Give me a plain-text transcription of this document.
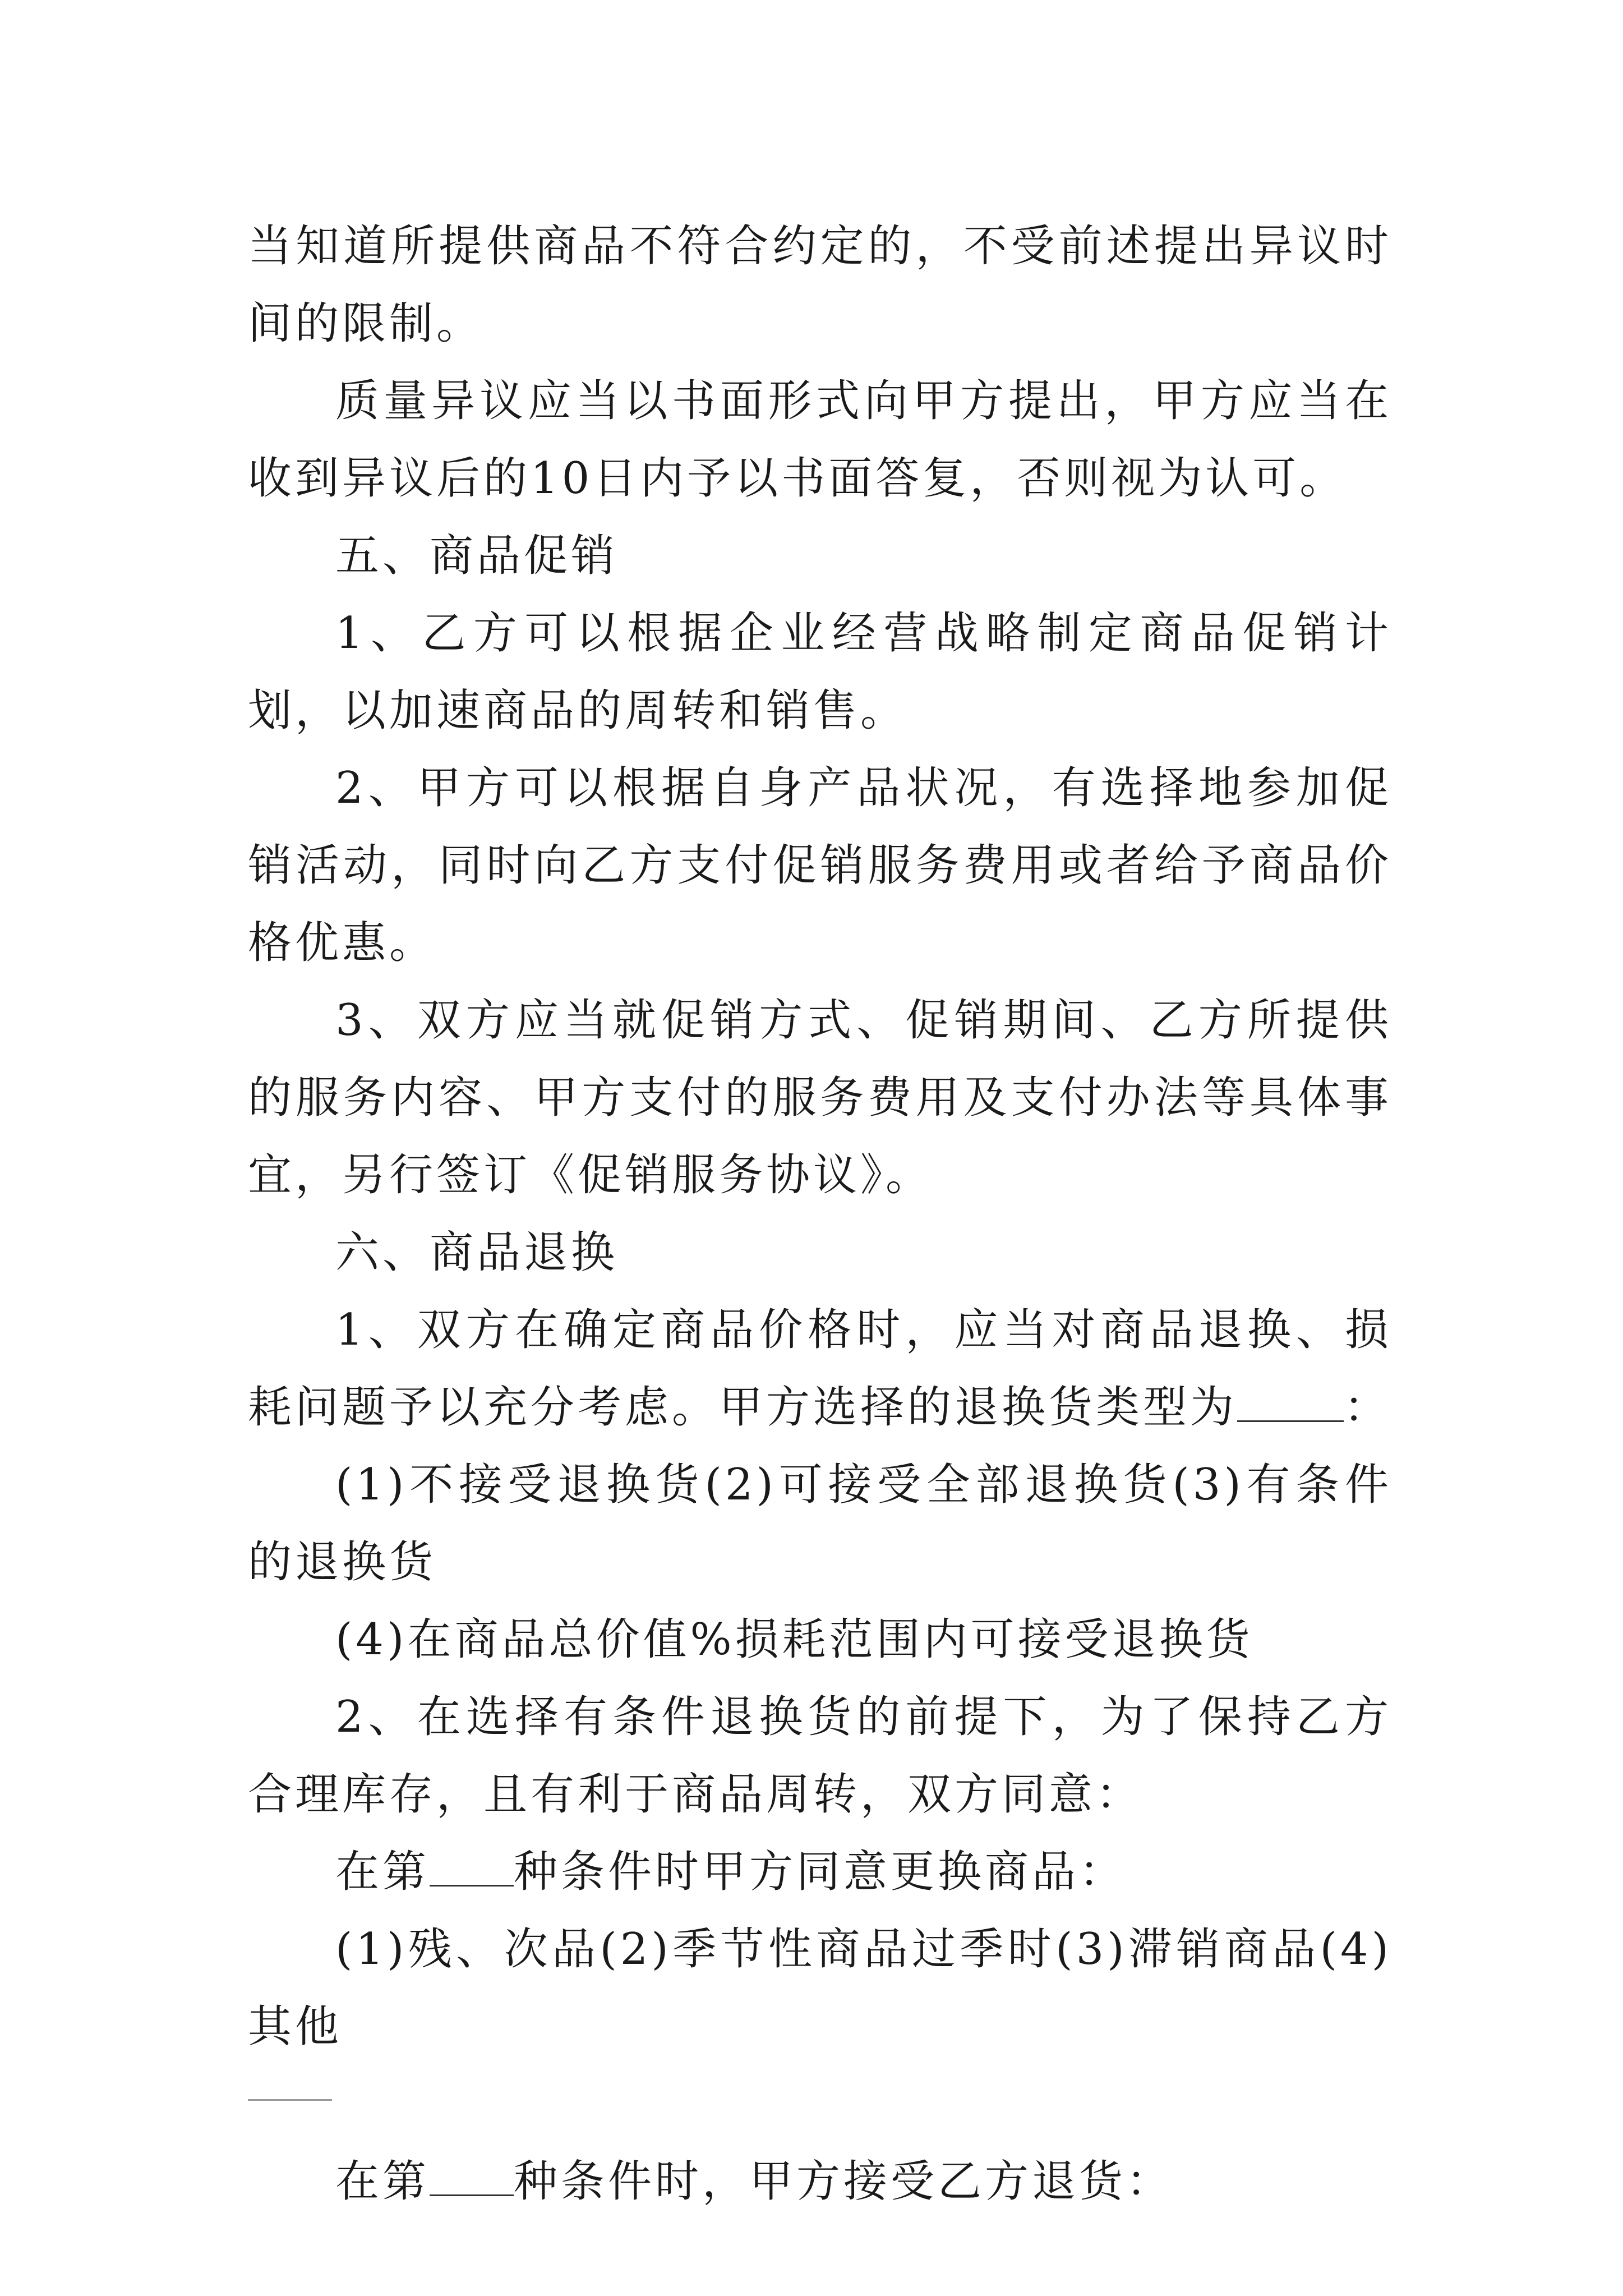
当知道所提供商品不符合约定的，不受前述提出异议时间的限制。

质量异议应当以书面形式向甲方提出，甲方应当在收到异议后的10日内予以书面答复，否则视为认可。

五、商品促销

1、乙方可以根据企业经营战略制定商品促销计划，以加速商品的周转和销售。

2、甲方可以根据自身产品状况，有选择地参加促销活动，同时向乙方支付促销服务费用或者给予商品价格优惠。

3、双方应当就促销方式、促销期间、乙方所提供的服务内容、甲方支付的服务费用及支付办法等具体事宜，另行签订《促销服务协议》。

六、商品退换

1、双方在确定商品价格时，应当对商品退换、损耗问题予以充分考虑。甲方选择的退换货类型为 ：

(1)不接受退换货(2)可接受全部退换货(3)有条件的退换货

(4)在商品总价值%损耗范围内可接受退换货

2、在选择有条件退换货的前提下，为了保持乙方合理库存，且有利于商品周转，双方同意：

在第 种条件时甲方同意更换商品：

(1)残、次品(2)季节性商品过季时(3)滞销商品(4)其他

在第 种条件时，甲方接受乙方退货：
